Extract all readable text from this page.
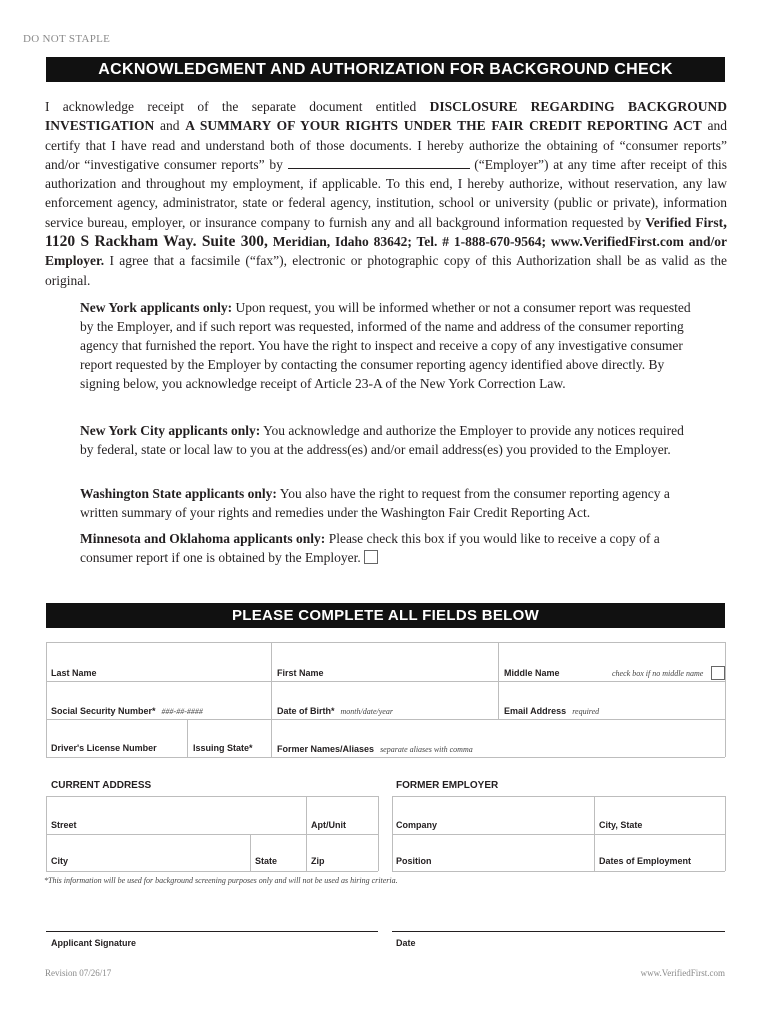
DO NOT STAPLE
ACKNOWLEDGMENT AND AUTHORIZATION FOR BACKGROUND CHECK
I acknowledge receipt of the separate document entitled DISCLOSURE REGARDING BACKGROUND INVESTIGATION and A SUMMARY OF YOUR RIGHTS UNDER THE FAIR CREDIT REPORTING ACT and certify that I have read and understand both of those documents. I hereby authorize the obtaining of “consumer reports” and/or “investigative consumer reports” by	(“Employer”) at any time after receipt of this authorization and throughout my employment, if applicable. To this end, I hereby authorize, without reservation, any law enforcement agency, administrator, state or federal agency, institution, school or university (public or private), information service bureau, employer, or insurance company to furnish any and all background information requested by Verified First, 1120 S Rackham Way. Suite 300, Meridian, Idaho 83642; Tel. # 1-888-670-9564; www.VerifiedFirst.com and/or Employer. I agree that a facsimile (“fax”), electronic or photographic copy of this Authorization shall be as valid as the original.
New York applicants only: Upon request, you will be informed whether or not a consumer report was requested by the Employer, and if such report was requested, informed of the name and address of the consumer reporting agency that furnished the report. You have the right to inspect and receive a copy of any investigative consumer report requested by the Employer by contacting the consumer reporting agency identified above directly. By signing below, you acknowledge receipt of Article 23-A of the New York Correction Law.
New York City applicants only: You acknowledge and authorize the Employer to provide any notices required by federal, state or local law to you at the address(es) and/or email address(es) you provided to the Employer.
Washington State applicants only: You also have the right to request from the consumer reporting agency a written summary of your rights and remedies under the Washington Fair Credit Reporting Act.
Minnesota and Oklahoma applicants only: Please check this box if you would like to receive a copy of a consumer report if one is obtained by the Employer.
PLEASE COMPLETE ALL FIELDS BELOW
Last Name	First Name	Middle Name	check box if no middle name
Social Security Number* ###-##-####	Date of Birth* month/date/year	Email Address required
Driver's License Number	Issuing State*	Former Names/Aliases separate aliases with comma
CURRENT ADDRESS	FORMER EMPLOYER
Street	Apt/Unit	Company	City, State
City	State	Zip	Position	Dates of Employment
*This information will be used for background screening purposes only and will not be used as hiring criteria.
Applicant Signature	Date
Revision 07/26/17	www.VerifiedFirst.com
